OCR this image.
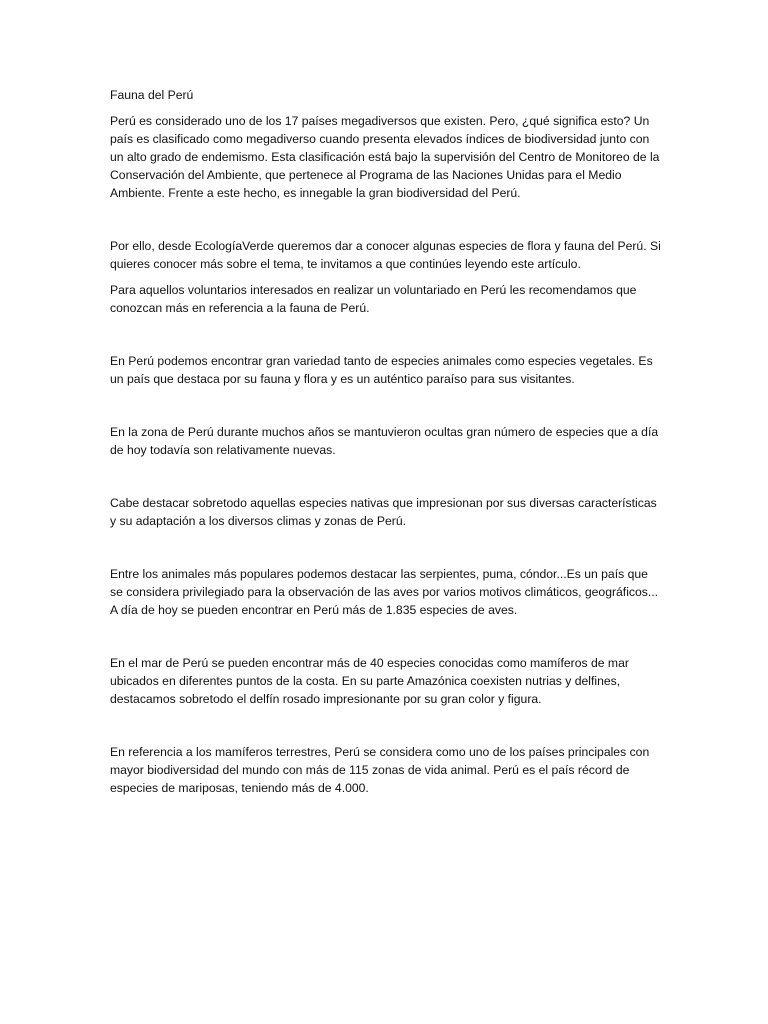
Fauna del Perú

Perú es considerado uno de los 17 países megadiversos que existen. Pero, ¿qué significa esto? Un país es clasificado como megadiverso cuando presenta elevados índices de biodiversidad junto con un alto grado de endemismo. Esta clasificación está bajo la supervisión del Centro de Monitoreo de la Conservación del Ambiente, que pertenece al Programa de las Naciones Unidas para el Medio Ambiente. Frente a este hecho, es innegable la gran biodiversidad del Perú.

Por ello, desde EcologíaVerde queremos dar a conocer algunas especies de flora y fauna del Perú. Si quieres conocer más sobre el tema, te invitamos a que continúes leyendo este artículo.

Para aquellos voluntarios interesados en realizar un voluntariado en Perú les recomendamos que conozcan más en referencia a la fauna de Perú.

En Perú podemos encontrar gran variedad tanto de especies animales como especies vegetales. Es un país que destaca por su fauna y flora y es un auténtico paraíso para sus visitantes.

En la zona de Perú durante muchos años se mantuvieron ocultas gran número de especies que a día de hoy todavía son relativamente nuevas.

Cabe destacar sobretodo aquellas especies nativas que impresionan por sus diversas características y su adaptación a los diversos climas y zonas de Perú.

Entre los animales más populares podemos destacar las serpientes, puma, cóndor...Es un país que se considera privilegiado para la observación de las aves por varios motivos climáticos, geográficos... A día de hoy se pueden encontrar en Perú más de 1.835 especies de aves.

En el mar de Perú se pueden encontrar más de 40 especies conocidas como mamíferos de mar ubicados en diferentes puntos de la costa. En su parte Amazónica coexisten nutrias y delfines, destacamos sobretodo el delfín rosado impresionante por su gran color y figura.

En referencia a los mamíferos terrestres, Perú se considera como uno de los países principales con mayor biodiversidad del mundo con más de 115 zonas de vida animal. Perú es el país récord de especies de mariposas, teniendo más de 4.000.
